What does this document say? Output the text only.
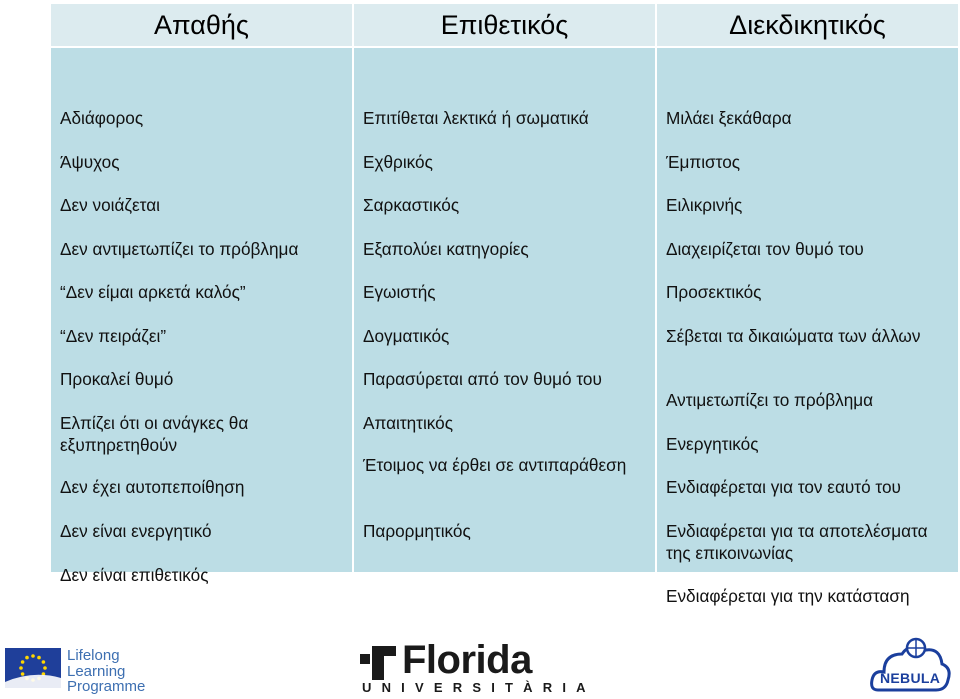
Απαθής	Επιθετικός	Διεκδικητικός
Αδιάφορος
Άψυχος
Δεν νοιάζεται
Δεν αντιμετωπίζει το πρόβλημα
“Δεν είμαι αρκετά καλός”
“Δεν πειράζει”
Προκαλεί θυμό
Ελπίζει ότι οι ανάγκες θα εξυπηρετηθούν
Δεν έχει αυτοπεποίθηση
Δεν είναι ενεργητικό
Δεν είναι επιθετικός
Επιτίθεται λεκτικά ή σωματικά
Εχθρικός
Σαρκαστικός
Εξαπολύει κατηγορίες
Εγωιστής
Δογματικός
Παρασύρεται από τον θυμό του
Απαιτητικός
Έτοιμος να έρθει σε αντιπαράθεση
Παρορμητικός
Μιλάει ξεκάθαρα
Έμπιστος
Ειλικρινής
Διαχειρίζεται τον θυμό του
Προσεκτικός
Σέβεται τα δικαιώματα των άλλων
Αντιμετωπίζει το πρόβλημα
Ενεργητικός
Ενδιαφέρεται για τον εαυτό του
Ενδιαφέρεται για τα αποτελέσματα της επικοινωνίας
Ενδιαφέρεται για την κατάσταση
Lifelong
Learning
Programme
Florida
UNIVERSITÀRIA
NEBULA
